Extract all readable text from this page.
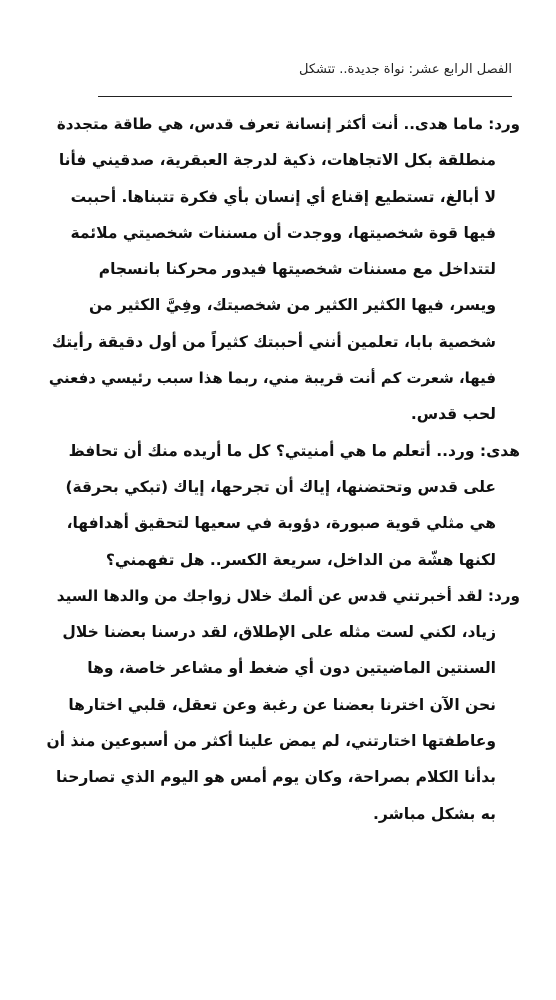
الفصل الرابع عشر: نواة جديدة.. تتشكل
ورد: ماما هدى.. أنت أكثر إنسانة تعرف قدس، هي طاقة متجددة
منطلقة بكل الاتجاهات، ذكية لدرجة العبقرية، صدقيني فأنا
لا أبالغ، تستطيع إقناع أي إنسان بأي فكرة تتبناها. أحببت
فيها قوة شخصيتها، ووجدت أن مسننات شخصيتي ملائمة
لتتداخل مع مسننات شخصيتها فيدور محركنا بانسجام
ويسر، فيها الكثير الكثير من شخصيتك، وفِيَّ الكثير من
شخصية بابا، تعلمين أنني أحببتك كثيراً من أول دقيقة رأيتك
فيها، شعرت كم أنت قريبة مني، ربما هذا سبب رئيسي دفعني
لحب قدس.
هدى: ورد.. أتعلم ما هي أمنيتي؟ كل ما أريده منك أن تحافظ
على قدس وتحتضنها، إياك أن تجرحها، إياك (تبكي بحرقة)
هي مثلي قوية صبورة، دؤوبة في سعيها لتحقيق أهدافها،
لكنها هشّة من الداخل، سريعة الكسر.. هل تفهمني؟
ورد: لقد أخبرتني قدس عن ألمك خلال زواجك من والدها السيد
زياد، لكني لست مثله على الإطلاق، لقد درسنا بعضنا خلال
السنتين الماضيتين دون أي ضغط أو مشاعر خاصة، وها
نحن الآن اخترنا بعضنا عن رغبة وعن تعقل، قلبي اختارها
وعاطفتها اختارتني، لم يمض علينا أكثر من أسبوعين منذ أن
بدأنا الكلام بصراحة، وكان يوم أمس هو اليوم الذي تصارحنا
به بشكل مباشر.
